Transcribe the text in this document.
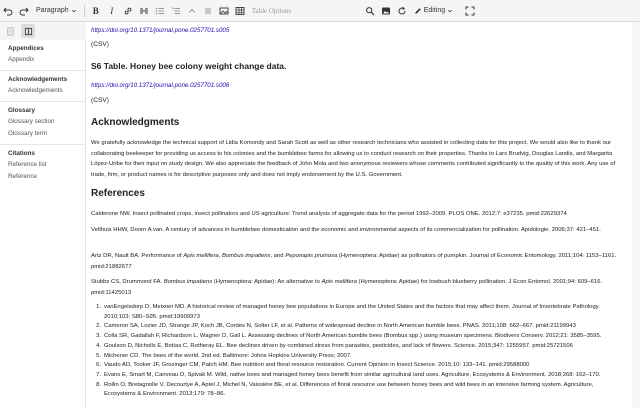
Paragraph	B	I	Table Options	Editing
Appendices
Appendix
Acknowledgements
Acknowledgements
Glossary
Glossary section
Glossary term
Citations
Reference list
Reference
https://doi.org/10.1371/journal.pone.0257701.s005
(CSV)
S6 Table. Honey bee colony weight change data.
https://doi.org/10.1371/journal.pone.0257701.s006
(CSV)
Acknowledgments
We gratefully acknowledge the technical support of Lidia Komondy and Sarah Scott as well as other research technicians who assisted in collecting data for this project. We would also like to thank our collaborating beekeeper for providing us access to his colonies and the bumblebee farms for allowing us to conduct research on their properties. Thanks to Lars Brudvig, Douglas Landis, and Margarita López-Uribe for their input on study design. We also appreciate the feedback of John Mola and two anonymous reviewers whose comments contributed significantly to the quality of this work. Any use of trade, firm, or product names is for descriptive purposes only and does not imply endorsement by the U.S. Government.
References
Calderone NW. Insect pollinated crops, insect pollinators and US agriculture: Trend analysis of aggregate data for the period 1992–2009. PLOS ONE. 2012;7: e37235. pmid:22629374
Velthuis HHW, Doorn A van. A century of advances in bumblebee domestication and the economic and environmental aspects of its commercialization for pollination. Apidologie. 2006;37: 421–451.
Artz DR, Nault BA. Performance of Apis mellifera, Bombus impatiens, and Peponapis pruinosa (Hymenoptera: Apidae) as pollinators of pumpkin. Journal of Economic Entomology. 2011;104: 1153–1161. pmid:21882677
Stubbs CS, Drummond FA. Bombus impatiens (Hymenoptera: Apidae): An alternative to Apis mellifera (Hymenoptera: Apidae) for lowbush blueberry pollination. J Econ Entomol. 2001;94: 609–616. pmid:11425013
1. vanEngelsdorp D, Meixner MD. A historical review of managed honey bee populations in Europe and the United States and the factors that may affect them. Journal of Invertebrate Pathology. 2010;103: S80–S95. pmid:19909973
2. Cameron SA, Lozier JD, Strange JP, Koch JB, Cordes N, Solter LF, et al. Patterns of widespread decline in North American bumble bees. PNAS. 2011;108: 662–667. pmid:21199943
3. Colla SR, Gadallah F, Richardson L, Wagner D, Gall L. Assessing declines of North American bumble bees (Bombus spp.) using museum specimens. Biodivers Conserv. 2012;21: 3585–3595.
4. Goulson D, Nicholls E, Botías C, Rotheray EL. Bee declines driven by combined stress from parasites, pesticides, and lack of flowers. Science. 2015;347: 1255957. pmid:25721506
5. Michener CD. The bees of the world. 2nd ed. Baltimore: Johns Hopkins University Press; 2007.
6. Vaudo AD, Tooker JF, Grozinger CM, Patch HM. Bee nutrition and floral resource restoration. Current Opinion in Insect Science. 2015;10: 133–141. pmid:29588000
7. Evans E, Smart M, Cariveau D, Spivak M. Wild, native bees and managed honey bees benefit from similar agricultural land uses. Agriculture, Ecosystems & Environment. 2018;268: 162–170.
8. Rollin O, Bretagnolle V, Decourtye A, Aptel J, Michel N, Vaissière BE, et al. Differences of floral resource use between honey bees and wild bees in an intensive farming system. Agriculture, Ecosystems & Environment. 2013;179: 78–86.
